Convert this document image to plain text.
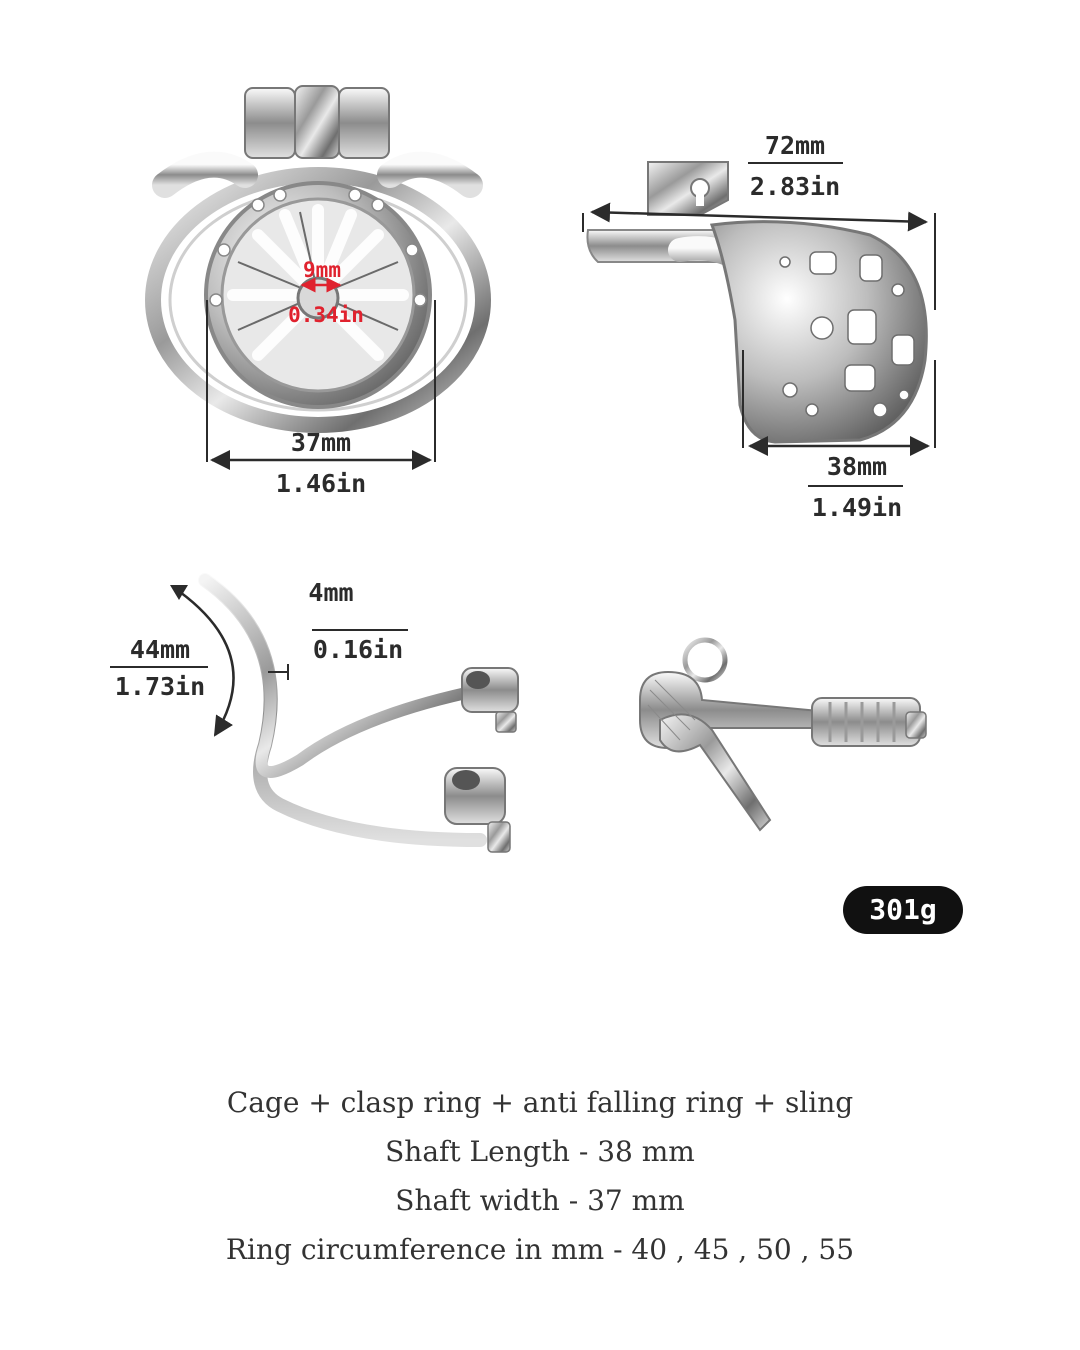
37mm
1.46in
9mm
0.34in
72mm
2.83in
38mm
1.49in
44mm
1.73in
4mm
0.16in
301g
Cage + clasp ring + anti falling ring + sling
Shaft Length - 38 mm
Shaft width - 37 mm
Ring circumference in mm - 40 , 45 , 50 , 55
